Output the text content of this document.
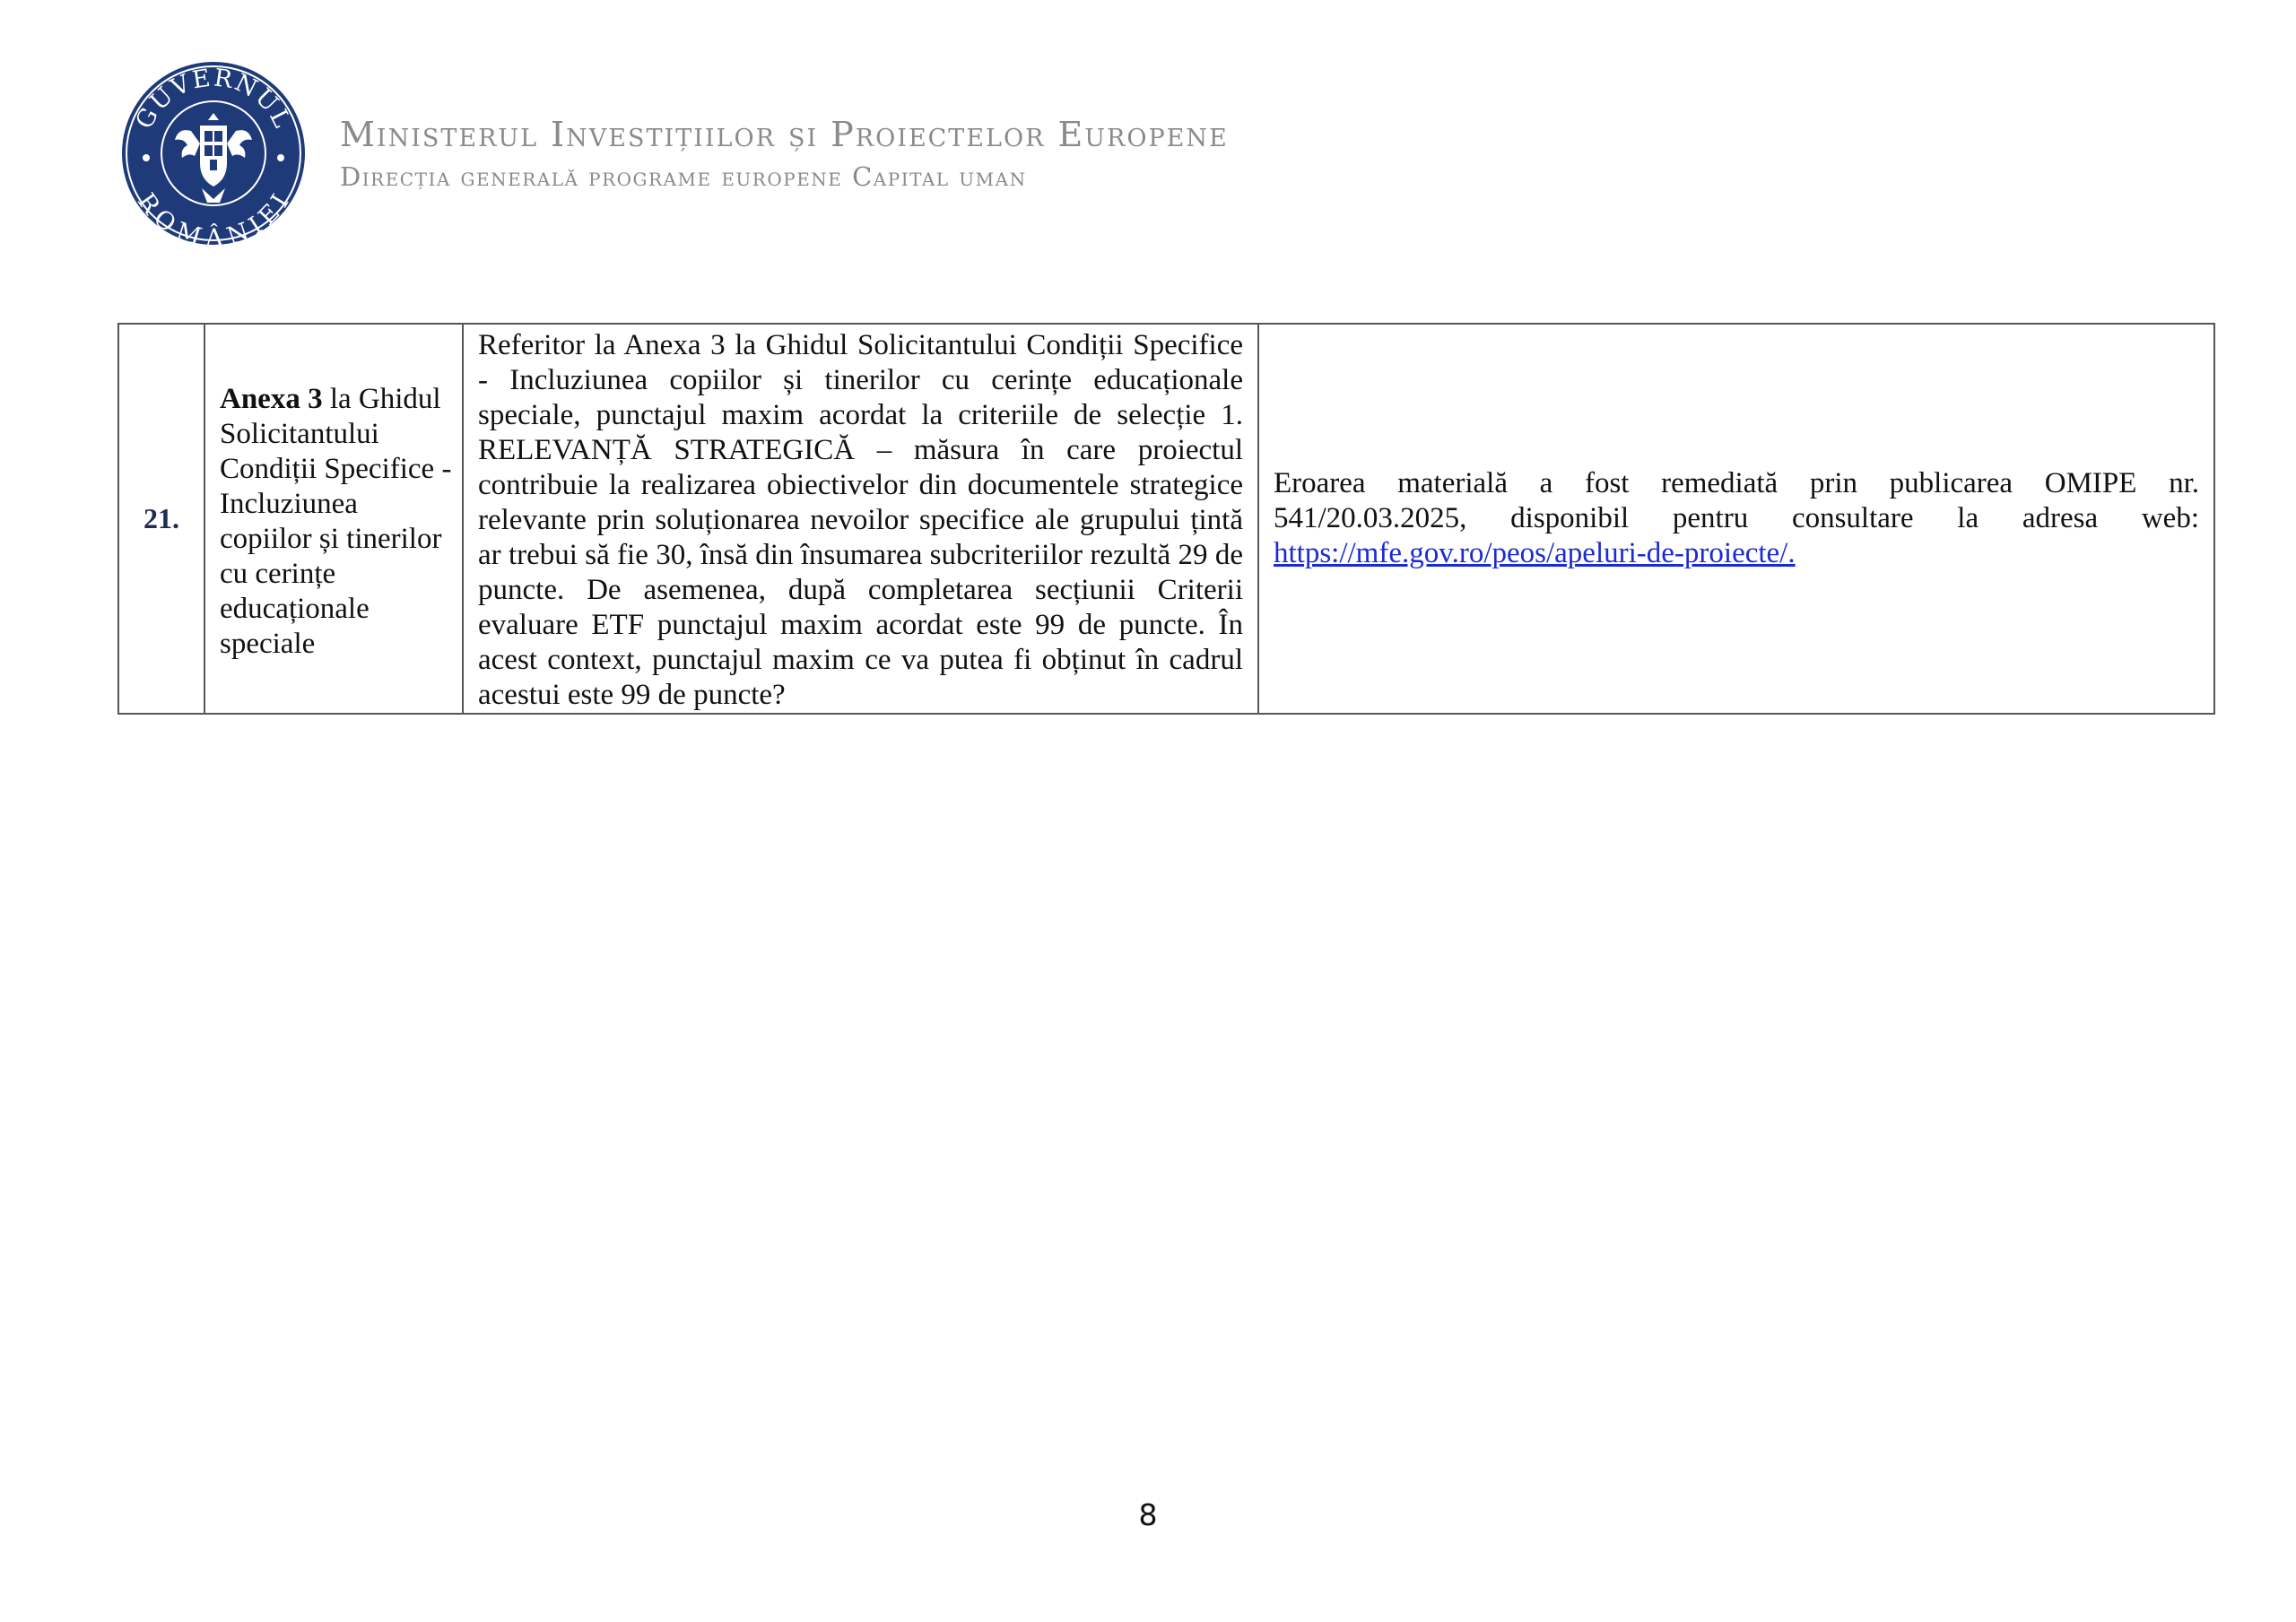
GUVERNUL
ROMÂNIEI
Ministerul Investițiilor și Proiectelor Europene
Direcția generală programe europene Capital uman
21.	Anexa 3 la Ghidul Solicitantului Condiții Specifice - Incluziunea copiilor și tinerilor cu cerințe educaționale speciale	Referitor la Anexa 3 la Ghidul Solicitantului Condiții Specifice - Incluziunea copiilor și tinerilor cu cerințe educaționale speciale, punctajul maxim acordat la criteriile de selecție 1. RELEVANȚĂ STRATEGICĂ – măsura în care proiectul contribuie la realizarea obiectivelor din documentele strategice relevante prin soluționarea nevoilor specifice ale grupului țintă ar trebui să fie 30, însă din însumarea subcriteriilor rezultă 29 de puncte. De asemenea, după completarea secțiunii Criterii evaluare ETF punctajul maxim acordat este 99 de puncte. În acest context, punctajul maxim ce va putea fi obținut în cadrul acestui este 99 de puncte?	Eroarea materială a fost remediată prin publicarea OMIPE nr. 541/20.03.2025, disponibil pentru consultare la adresa web: https://mfe.gov.ro/peos/apeluri-de-proiecte/.
8
